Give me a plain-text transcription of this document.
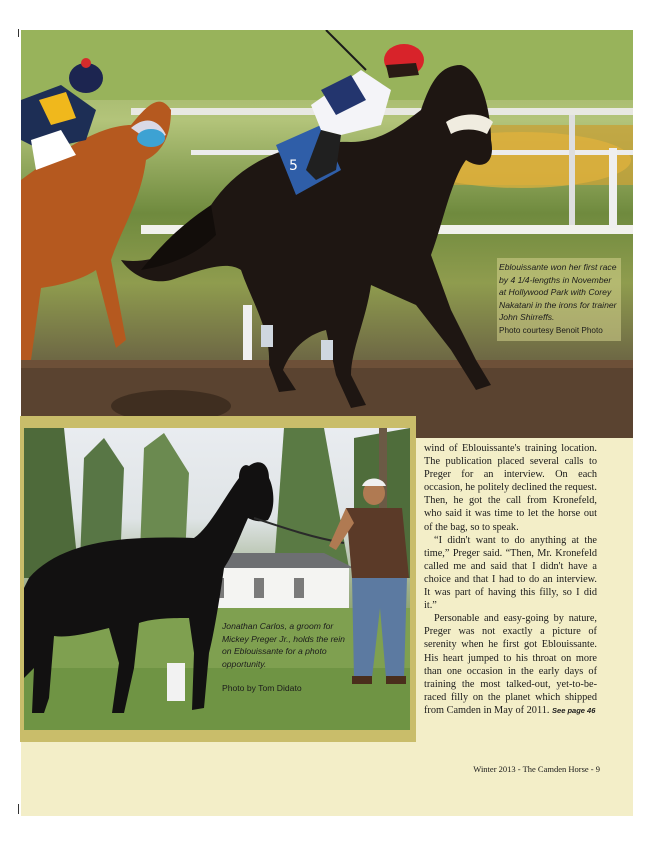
5
Eblouissante won her first race by 4 1/4-lengths in November at Hollywood Park with Corey Nakatani in the irons for trainer John Shirreffs.
Photo courtesy Benoit Photo
Jonathan Carlos, a groom for Mickey Preger Jr., holds the rein on Eblouissante for a photo opportunity.
Photo by Tom Didato

wind of Eblouissante's training location. The publication placed several calls to Preger for an interview. On each occasion, he politely declined the request. Then, he got the call from Kronefeld, who said it was time to let the horse out of the bag, so to speak.

“I didn't want to do anything at the time,” Preger said. “Then, Mr. Kronefeld called me and said that I didn't have a choice and that I had to do an interview. It was part of having this filly, so I did it.”

Personable and easy-going by nature, Preger was not exactly a picture of serenity when he first got Eblouissante. His heart jumped to his throat on more than one occasion in the early days of training the most talked-out, yet-to-be-raced filly on the planet which shipped from Camden in May of 2011. See page 46

Winter 2013 - The Camden Horse - 9
